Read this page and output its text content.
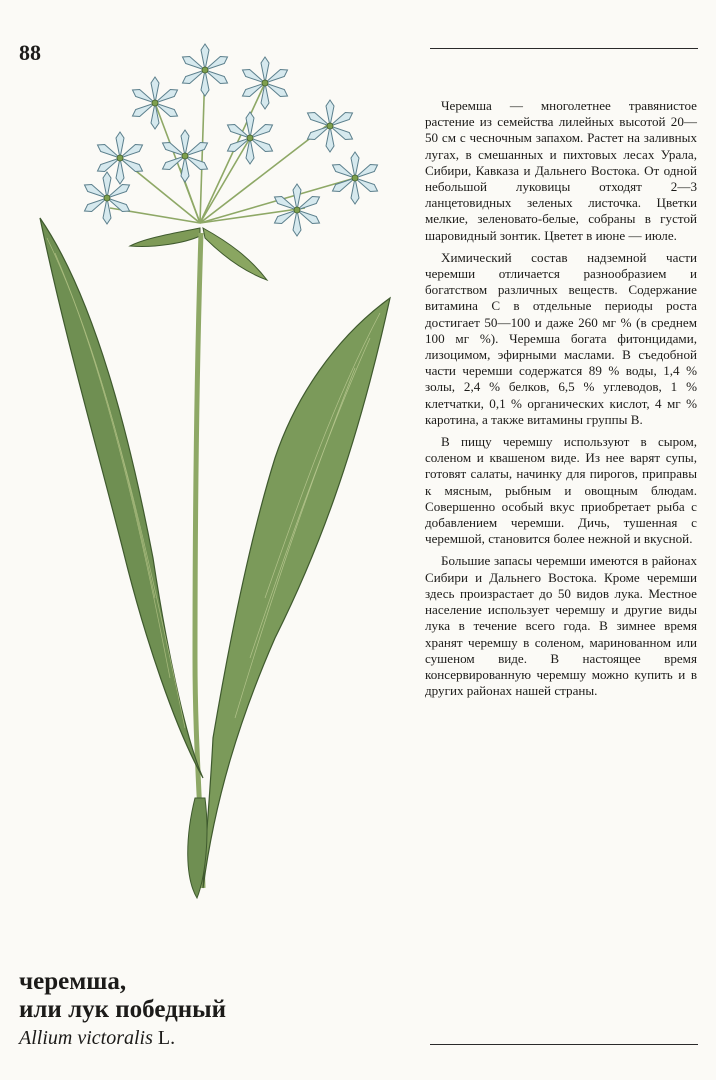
88

Черемша — многолетнее травянистое растение из семейства лилейных высотой 20—50 см с чесночным запахом. Растет на заливных лугах, в смешанных и пихтовых лесах Урала, Сибири, Кавказа и Дальнего Востока. От одной небольшой луковицы отходят 2—3 ланцетовидных зеленых листочка. Цветки мелкие, зеленовато-белые, собраны в густой шаровидный зонтик. Цветет в июне — июле.

Химический состав надземной части черемши отличается разнообразием и богатством различных веществ. Содержание витамина С в отдельные периоды роста достигает 50—100 и даже 260 мг % (в среднем 100 мг %). Черемша богата фитонцидами, лизоцимом, эфирными маслами. В съедобной части черемши содержатся 89 % воды, 1,4 % золы, 2,4 % белков, 6,5 % углеводов, 1 % клетчатки, 0,1 % органических кислот, 4 мг % каротина, а также витамины группы В.

В пищу черемшу используют в сыром, соленом и квашеном виде. Из нее варят супы, готовят салаты, начинку для пирогов, приправы к мясным, рыбным и овощным блюдам. Совершенно особый вкус приобретает рыба с добавлением черемши. Дичь, тушенная с черемшой, становится более нежной и вкусной.

Большие запасы черемши имеются в районах Сибири и Дальнего Востока. Кроме черемши здесь произрастает до 50 видов лука. Местное население использует черемшу и другие виды лука в течение всего года. В зимнее время хранят черемшу в соленом, маринованном или сушеном виде. В настоящее время консервированную черемшу можно купить и в других районах нашей страны.

черемша,

или лук победный

Allium victoralis L.
